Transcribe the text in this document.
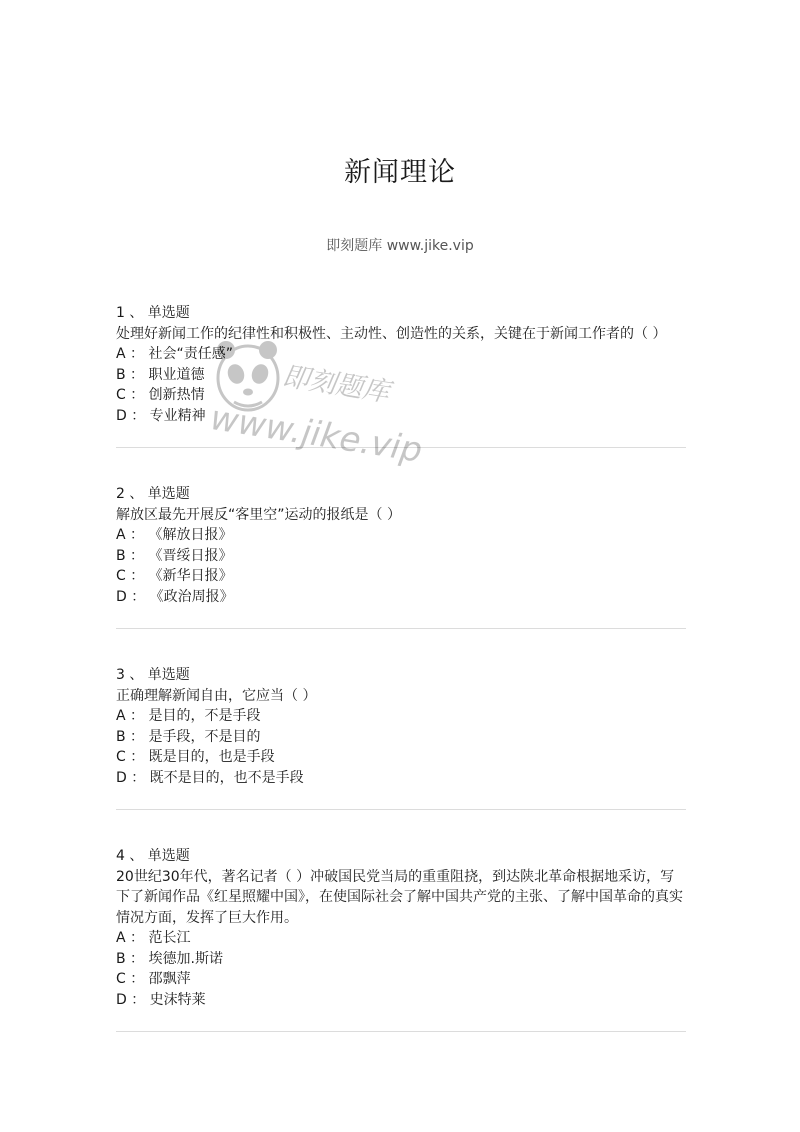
新闻理论
即刻题库 www.jike.vip
1 、 单选题
处理好新闻工作的纪律性和积极性、主动性、创造性的关系，关键在于新闻工作者的（ ）
A ： 社会“责任感”
B ： 职业道德
C ： 创新热情
D ： 专业精神
2 、 单选题
解放区最先开展反“客里空”运动的报纸是（ ）
A ： 《解放日报》
B ： 《晋绥日报》
C ： 《新华日报》
D ： 《政治周报》
3 、 单选题
正确理解新闻自由，它应当（ ）
A ： 是目的，不是手段
B ： 是手段，不是目的
C ： 既是目的，也是手段
D ： 既不是目的，也不是手段
4 、 单选题
20世纪30年代，著名记者（ ）冲破国民党当局的重重阻挠，到达陕北革命根据地采访，写下了新闻作品《红星照耀中国》，在使国际社会了解中国共产党的主张、了解中国革命的真实情况方面，发挥了巨大作用。
A ： 范长江
B ： 埃德加.斯诺
C ： 邵飘萍
D ： 史沫特莱
即刻题库
www.jike.vip
